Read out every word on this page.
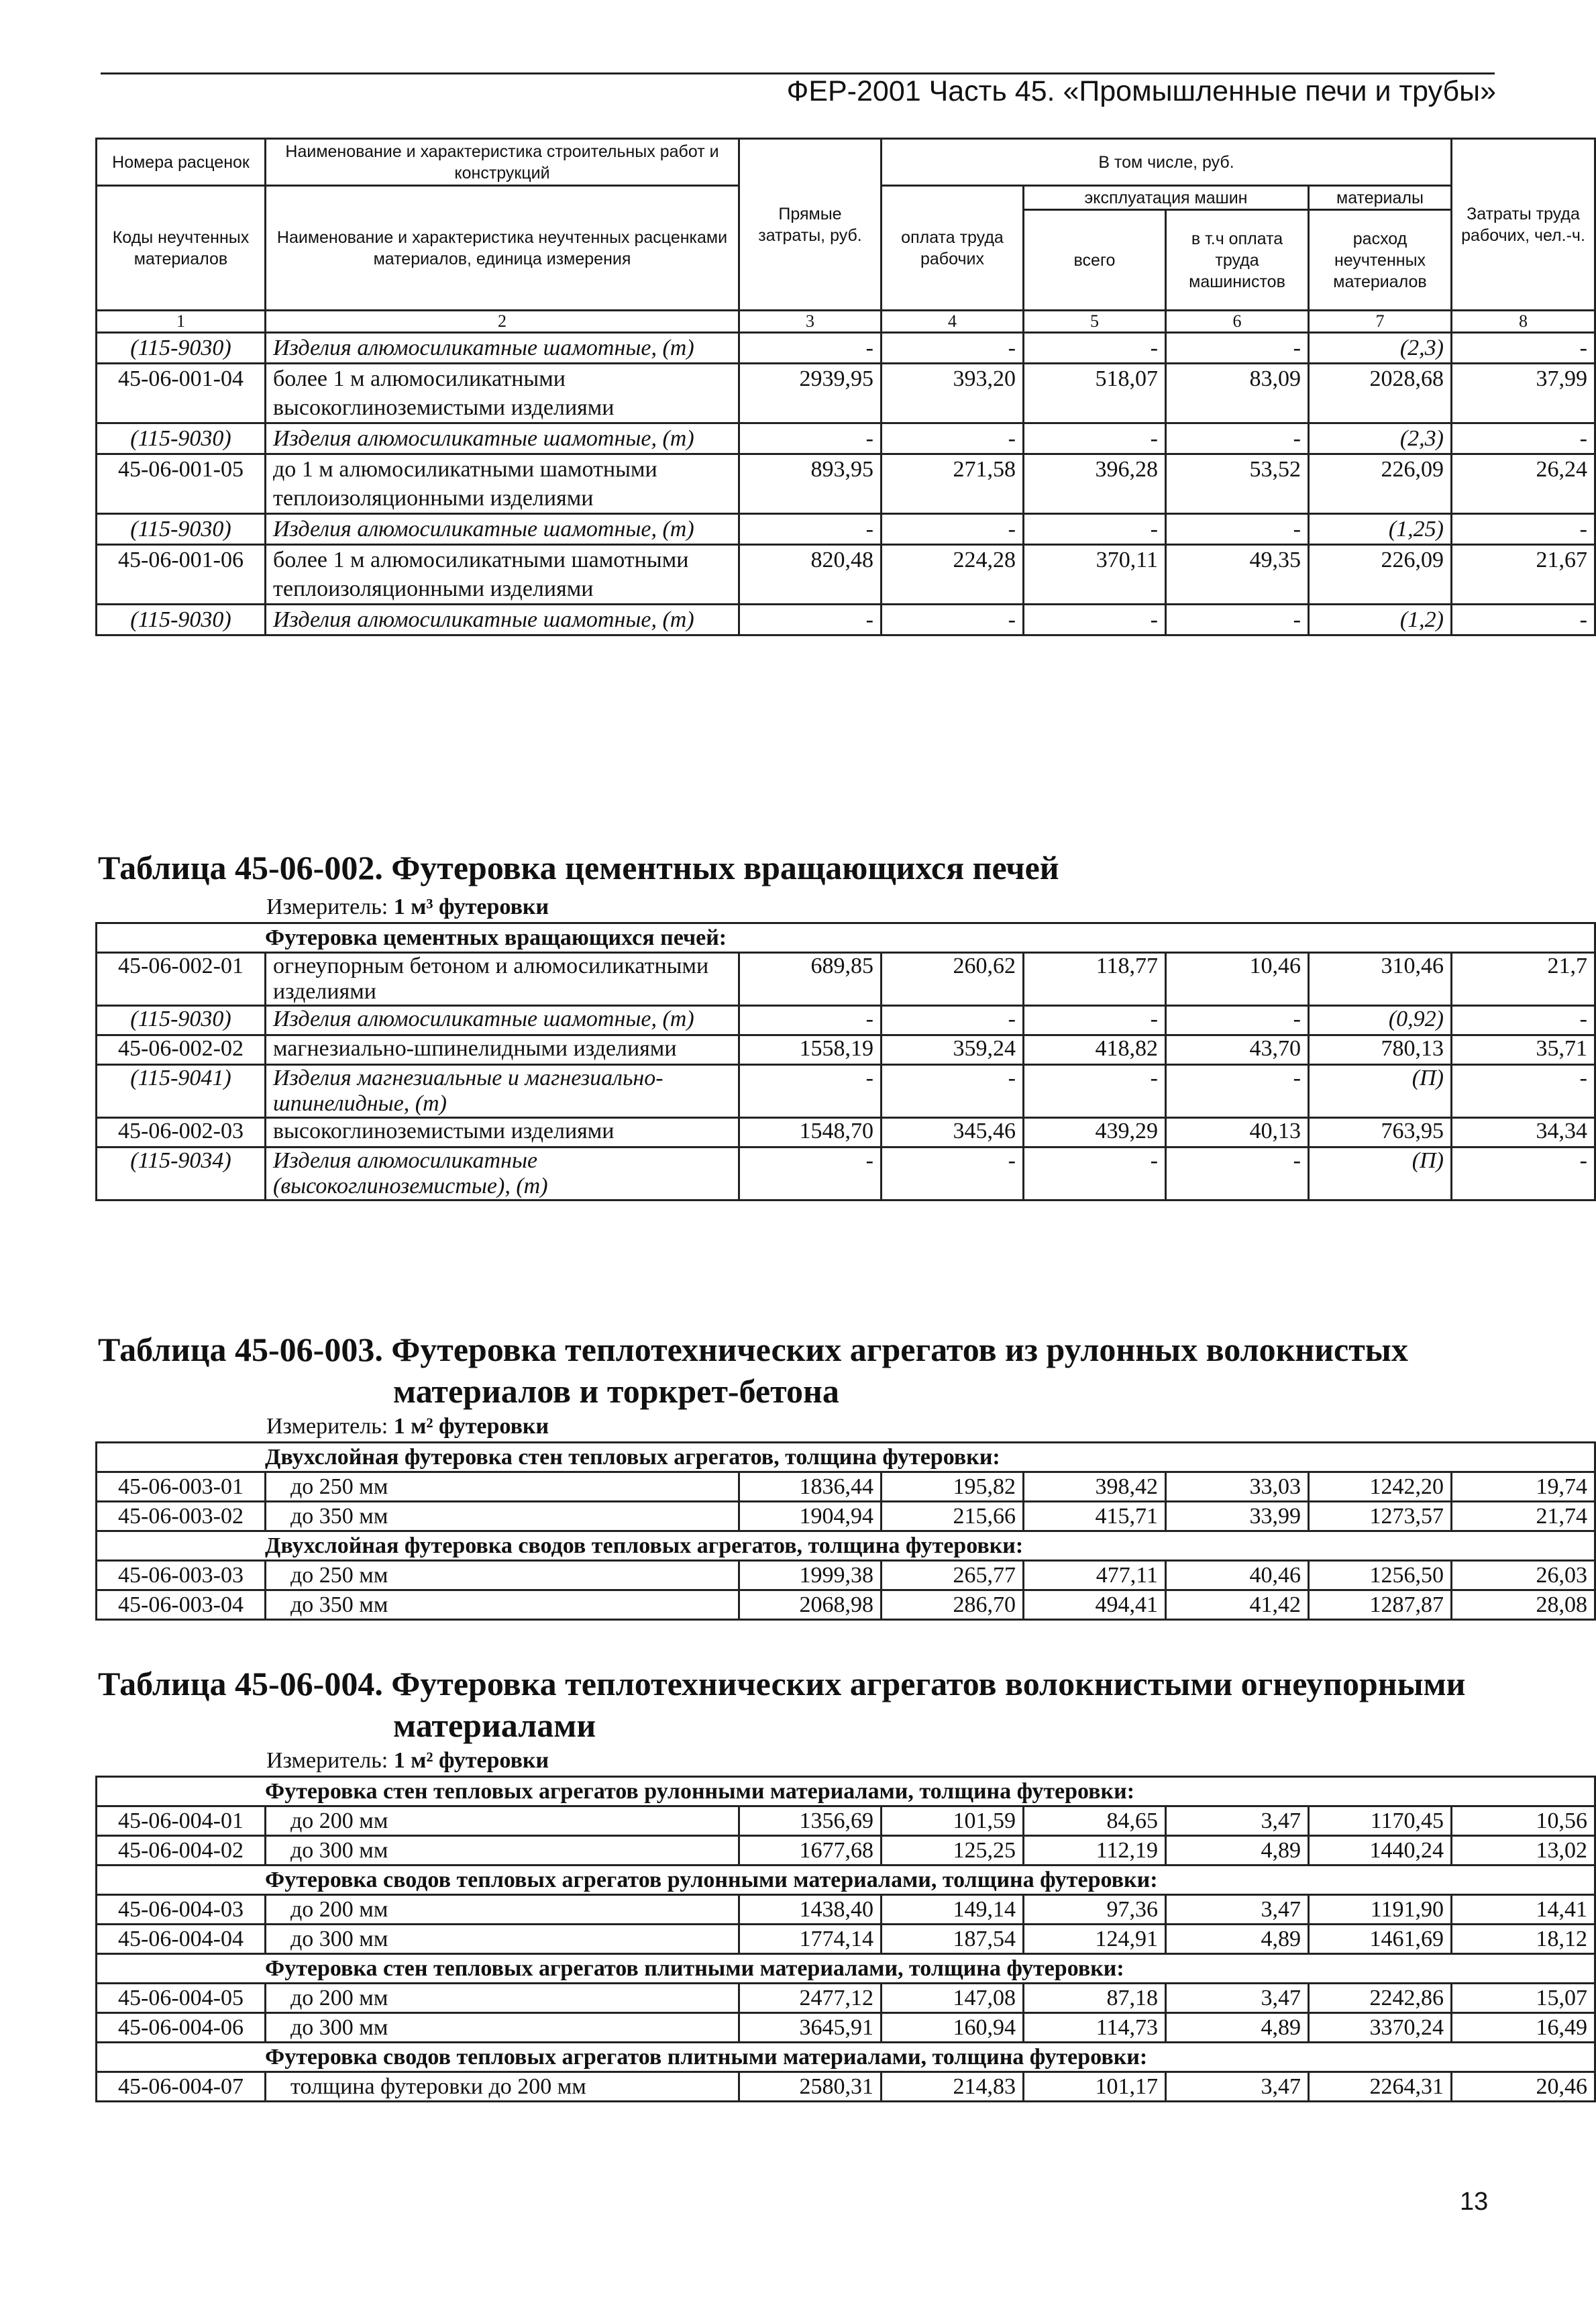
ФЕР-2001 Часть 45. «Промышленные печи и трубы»
Номера расценок	Наименование и характеристика строительных работ и конструкций	Прямые затраты, руб.	В том числе, руб.				Затраты труда рабочих, чел.-ч.
Коды неучтенных материалов	Наименование и характеристика неучтенных расценками материалов, единица измерения		оплата труда рабочих	эксплуатация машин		материалы	
				всего	в т.ч оплата труда машинистов	расход неучтенных материалов	
1	2	3	4	5	6	7	8
(115-9030)	Изделия алюмосиликатные шамотные, (т)	-	-	-	-	(2,3)	-
45-06-001-04	более 1 м алюмосиликатными высокоглиноземистыми изделиями	2939,95	393,20	518,07	83,09	2028,68	37,99
(115-9030)	Изделия алюмосиликатные шамотные, (т)	-	-	-	-	(2,3)	-
45-06-001-05	до 1 м алюмосиликатными шамотными теплоизоляционными изделиями	893,95	271,58	396,28	53,52	226,09	26,24
(115-9030)	Изделия алюмосиликатные шамотные, (т)	-	-	-	-	(1,25)	-
45-06-001-06	более 1 м алюмосиликатными шамотными теплоизоляционными изделиями	820,48	224,28	370,11	49,35	226,09	21,67
(115-9030)	Изделия алюмосиликатные шамотные, (т)	-	-	-	-	(1,2)	-
Таблица 45-06-002. Футеровка цементных вращающихся печей
Измеритель: 1 м³ футеровки
Футеровка цементных вращающихся печей:							
45-06-002-01	огнеупорным бетоном и алюмосиликатными изделиями	689,85	260,62	118,77	10,46	310,46	21,7
(115-9030)	Изделия алюмосиликатные шамотные, (т)	-	-	-	-	(0,92)	-
45-06-002-02	магнезиально-шпинелидными изделиями	1558,19	359,24	418,82	43,70	780,13	35,71
(115-9041)	Изделия магнезиальные и магнезиально-шпинелидные, (т)	-	-	-	-	(П)	-
45-06-002-03	высокоглиноземистыми изделиями	1548,70	345,46	439,29	40,13	763,95	34,34
(115-9034)	Изделия алюмосиликатные (высокоглиноземистые), (т)	-	-	-	-	(П)	-
Таблица 45-06-003. Футеровка теплотехнических агрегатов из рулонных волокнистых
материалов и торкрет-бетона
Измеритель: 1 м² футеровки
Двухслойная футеровка стен тепловых агрегатов, толщина футеровки:							
45-06-003-01	до 250 мм	1836,44	195,82	398,42	33,03	1242,20	19,74
45-06-003-02	до 350 мм	1904,94	215,66	415,71	33,99	1273,57	21,74
Двухслойная футеровка сводов тепловых агрегатов, толщина футеровки:							
45-06-003-03	до 250 мм	1999,38	265,77	477,11	40,46	1256,50	26,03
45-06-003-04	до 350 мм	2068,98	286,70	494,41	41,42	1287,87	28,08
Таблица 45-06-004. Футеровка теплотехнических агрегатов волокнистыми огнеупорными
материалами
Измеритель: 1 м² футеровки
Футеровка стен тепловых агрегатов рулонными материалами, толщина футеровки:							
45-06-004-01	до 200 мм	1356,69	101,59	84,65	3,47	1170,45	10,56
45-06-004-02	до 300 мм	1677,68	125,25	112,19	4,89	1440,24	13,02
Футеровка сводов тепловых агрегатов рулонными материалами, толщина футеровки:							
45-06-004-03	до 200 мм	1438,40	149,14	97,36	3,47	1191,90	14,41
45-06-004-04	до 300 мм	1774,14	187,54	124,91	4,89	1461,69	18,12
Футеровка стен тепловых агрегатов плитными материалами, толщина футеровки:							
45-06-004-05	до 200 мм	2477,12	147,08	87,18	3,47	2242,86	15,07
45-06-004-06	до 300 мм	3645,91	160,94	114,73	4,89	3370,24	16,49
Футеровка сводов тепловых агрегатов плитными материалами, толщина футеровки:							
45-06-004-07	толщина футеровки до 200 мм	2580,31	214,83	101,17	3,47	2264,31	20,46
13
